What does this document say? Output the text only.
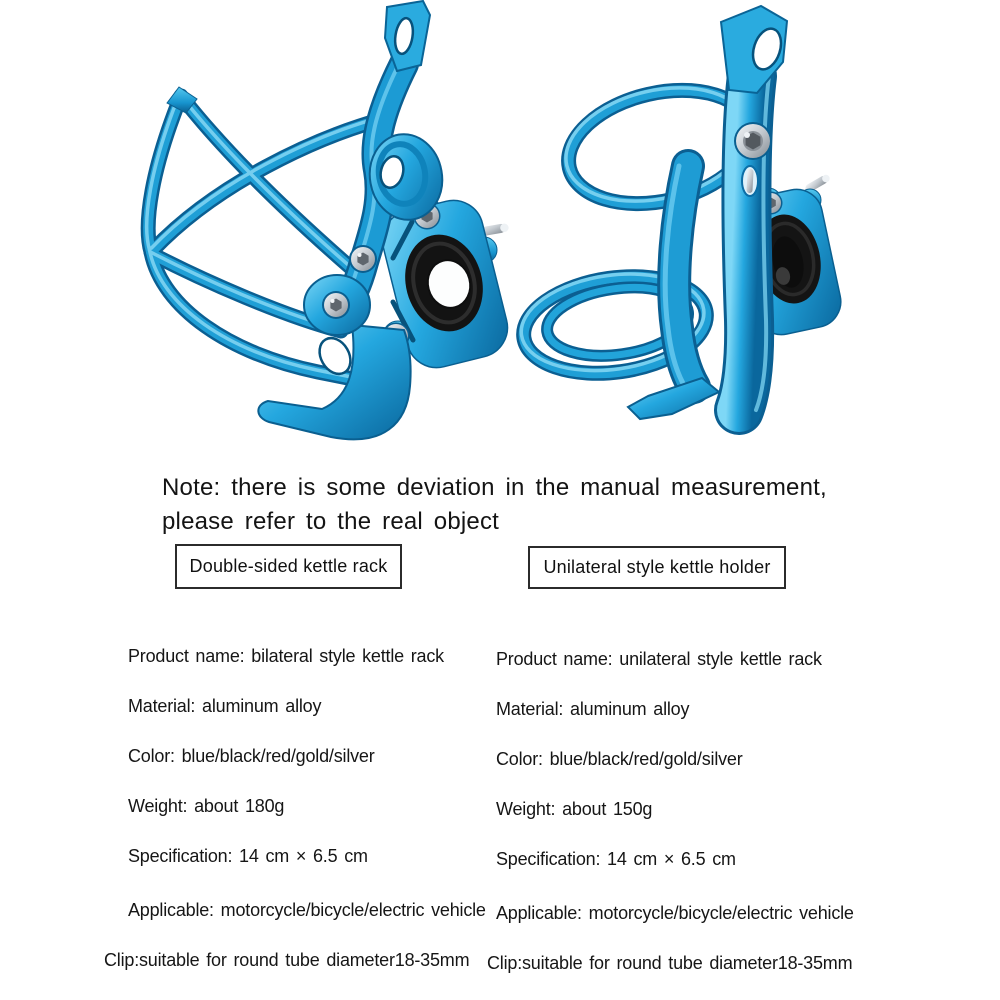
Note: there is some deviation in the manual measurement,
please refer to the real object
Double-sided kettle rack	Unilateral style kettle holder
Product name: bilateral style kettle rack
Material: aluminum alloy
Color: blue/black/red/gold/silver
Weight: about 180g
Specification: 14 cm × 6.5 cm
Applicable: motorcycle/bicycle/electric vehicle
Clip:suitable for round tube diameter18-35mm
Product name: unilateral style kettle rack
Material: aluminum alloy
Color: blue/black/red/gold/silver
Weight: about 150g
Specification: 14 cm × 6.5 cm
Applicable: motorcycle/bicycle/electric vehicle
Clip:suitable for round tube diameter18-35mm
